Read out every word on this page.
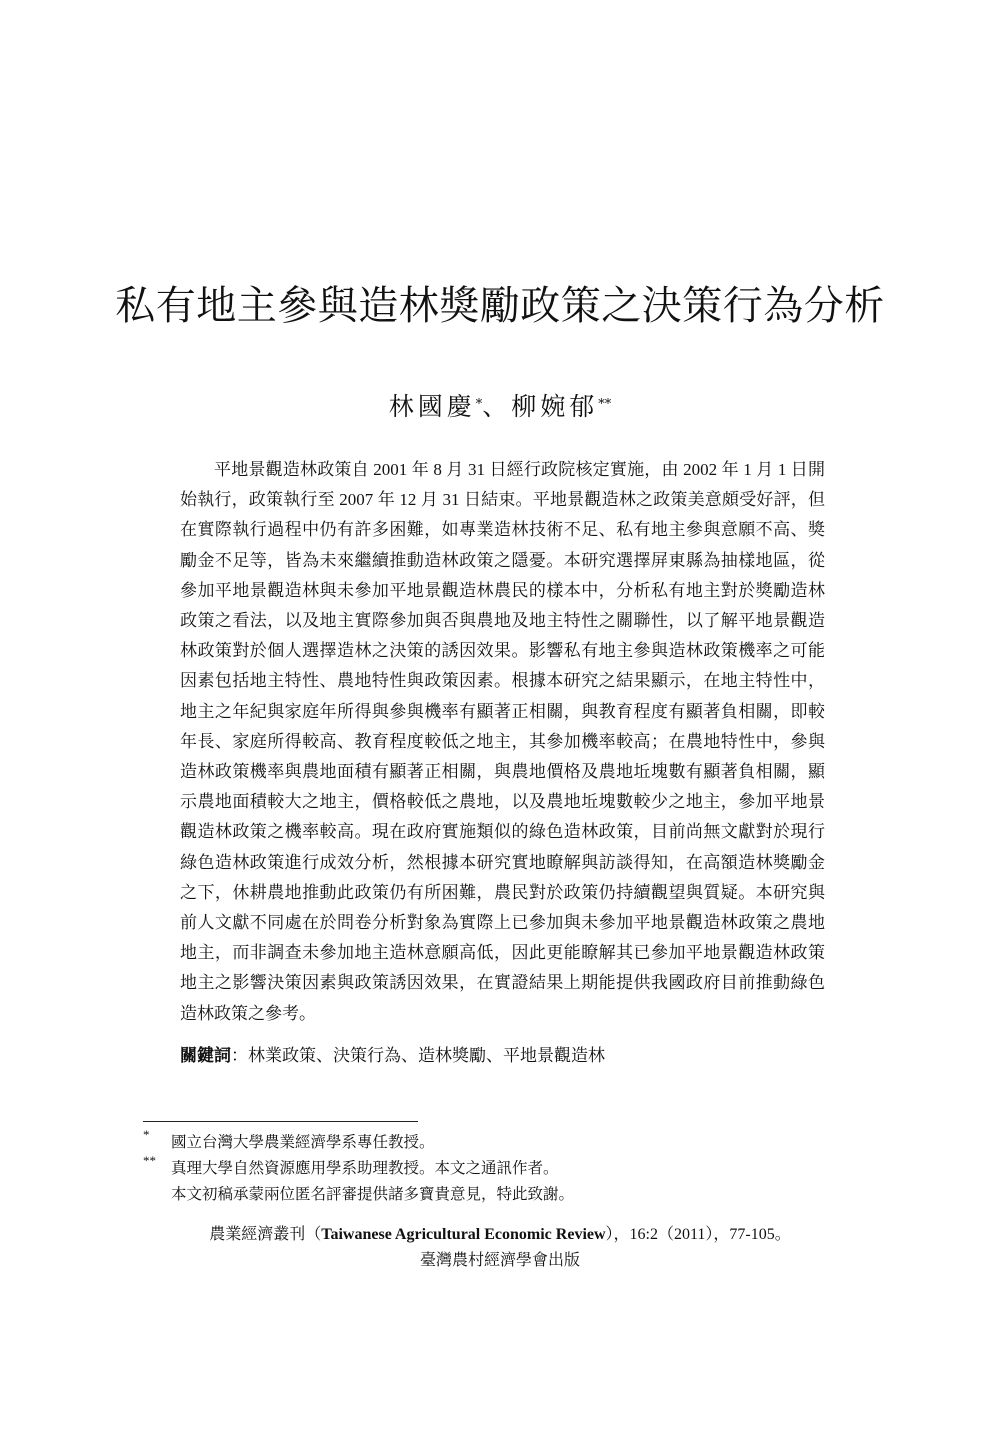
私有地主參與造林獎勵政策之決策行為分析
林國慶*、柳婉郁**

平地景觀造林政策自 2001 年 8 月 31 日經行政院核定實施，由 2002 年 1 月 1 日開始執行，政策執行至 2007 年 12 月 31 日結束。平地景觀造林之政策美意頗受好評，但在實際執行過程中仍有許多困難，如專業造林技術不足、私有地主參與意願不高、獎勵金不足等，皆為未來繼續推動造林政策之隱憂。本研究選擇屏東縣為抽樣地區，從參加平地景觀造林與未參加平地景觀造林農民的樣本中，分析私有地主對於獎勵造林政策之看法，以及地主實際參加與否與農地及地主特性之關聯性，以了解平地景觀造林政策對於個人選擇造林之決策的誘因效果。影響私有地主參與造林政策機率之可能因素包括地主特性、農地特性與政策因素。根據本研究之結果顯示，在地主特性中，地主之年紀與家庭年所得與參與機率有顯著正相關，與教育程度有顯著負相關，即較年長、家庭所得較高、教育程度較低之地主，其參加機率較高；在農地特性中，參與造林政策機率與農地面積有顯著正相關，與農地價格及農地坵塊數有顯著負相關，顯示農地面積較大之地主，價格較低之農地，以及農地坵塊數較少之地主，參加平地景觀造林政策之機率較高。現在政府實施類似的綠色造林政策，目前尚無文獻對於現行綠色造林政策進行成效分析，然根據本研究實地瞭解與訪談得知，在高額造林獎勵金之下，休耕農地推動此政策仍有所困難，農民對於政策仍持續觀望與質疑。本研究與前人文獻不同處在於問卷分析對象為實際上已參加與未參加平地景觀造林政策之農地地主，而非調查未參加地主造林意願高低，因此更能瞭解其已參加平地景觀造林政策地主之影響決策因素與政策誘因效果，在實證結果上期能提供我國政府目前推動綠色造林政策之參考。

關鍵詞：林業政策、決策行為、造林獎勵、平地景觀造林
* 國立台灣大學農業經濟學系專任教授。
** 真理大學自然資源應用學系助理教授。本文之通訊作者。
本文初稿承蒙兩位匿名評審提供諸多寶貴意見，特此致謝。
農業經濟叢刊（Taiwanese Agricultural Economic Review），16:2（2011），77-105。
臺灣農村經濟學會出版
